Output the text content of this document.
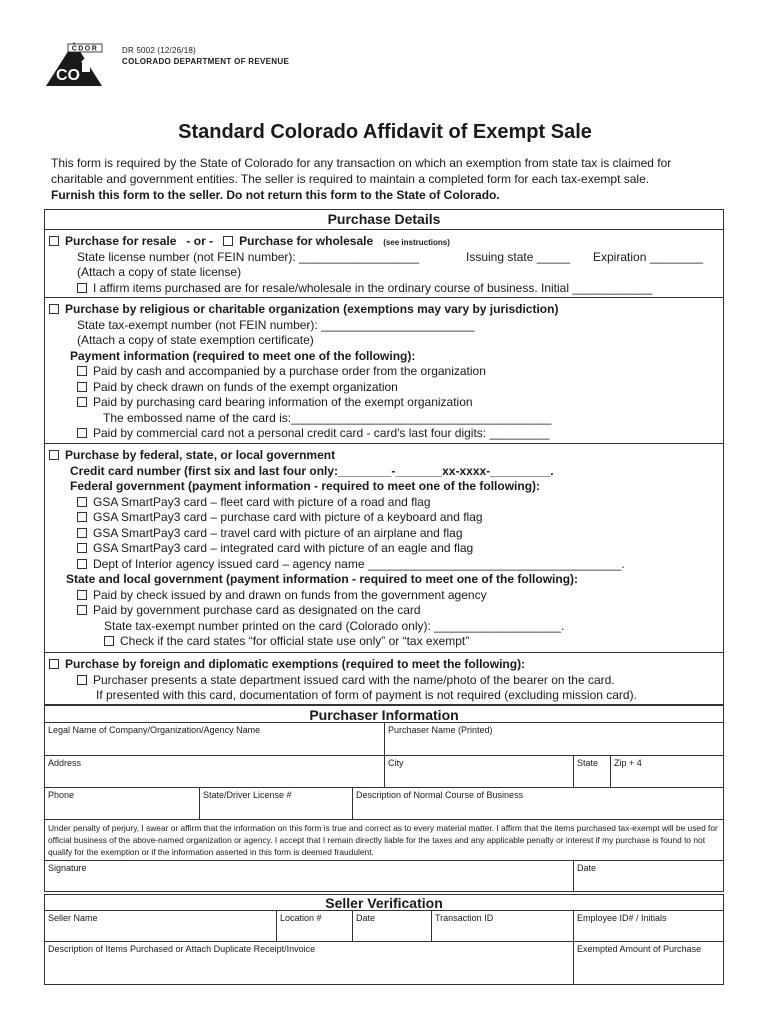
CDOR
CO
DR 5002 (12/26/18)
COLORADO DEPARTMENT OF REVENUE
Standard Colorado Affidavit of Exempt Sale
This form is required by the State of Colorado for any transaction on which an exemption from state tax is claimed for
charitable and government entities. The seller is required to maintain a completed form for each tax-exempt sale.
Furnish this form to the seller. Do not return this form to the State of Colorado.
Purchase Details
Purchase for resale - or - Purchase for wholesale (see instructions)
State license number (not FEIN number): __________________	Issuing state _____ Expiration ________
(Attach a copy of state license)
I affirm items purchased are for resale/wholesale in the ordinary course of business. Initial ____________
Purchase by religious or charitable organization (exemptions may vary by jurisdiction)
State tax-exempt number (not FEIN number): _______________________
(Attach a copy of state exemption certificate)
Payment information (required to meet one of the following):
Paid by cash and accompanied by a purchase order from the organization
Paid by check drawn on funds of the exempt organization
Paid by purchasing card bearing information of the exempt organization
The embossed name of the card is:_______________________________________
Paid by commercial card not a personal credit card - card's last four digits: _________
Purchase by federal, state, or local government
Credit card number (first six and last four only:________-_______xx-xxxx-_________.
Federal government (payment information - required to meet one of the following):
GSA SmartPay3 card – fleet card with picture of a road and flag
GSA SmartPay3 card – purchase card with picture of a keyboard and flag
GSA SmartPay3 card – travel card with picture of an airplane and flag
GSA SmartPay3 card – integrated card with picture of an eagle and flag
Dept of Interior agency issued card – agency name ______________________________________.
State and local government (payment information - required to meet one of the following):
Paid by check issued by and drawn on funds from the government agency
Paid by government purchase card as designated on the card
State tax-exempt number printed on the card (Colorado only): ___________________.
Check if the card states “for official state use only” or “tax exempt”
Purchase by foreign and diplomatic exemptions (required to meet the following):
Purchaser presents a state department issued card with the name/photo of the bearer on the card.
If presented with this card, documentation of form of payment is not required (excluding mission card).
Purchaser Information
Legal Name of Company/Organization/Agency Name	Purchaser Name (Printed)
Address	City	State	Zip + 4
Phone	State/Driver License #	Description of Normal Course of Business
Under penalty of perjury, I swear or affirm that the information on this form is true and correct as to every material matter. I affirm that the items purchased tax-exempt will be used for official business of the above-named organization or agency. I accept that I remain directly liable for the taxes and any applicable penalty or interest if my purchase is found to not qualify for the exemption or if the information asserted in this form is deemed fraudulent.
Signature	Date
Seller Verification
Seller Name	Location #	Date	Transaction ID	Employee ID# / Initials
Description of Items Purchased or Attach Duplicate Receipt/Invoice	Exempted Amount of Purchase
